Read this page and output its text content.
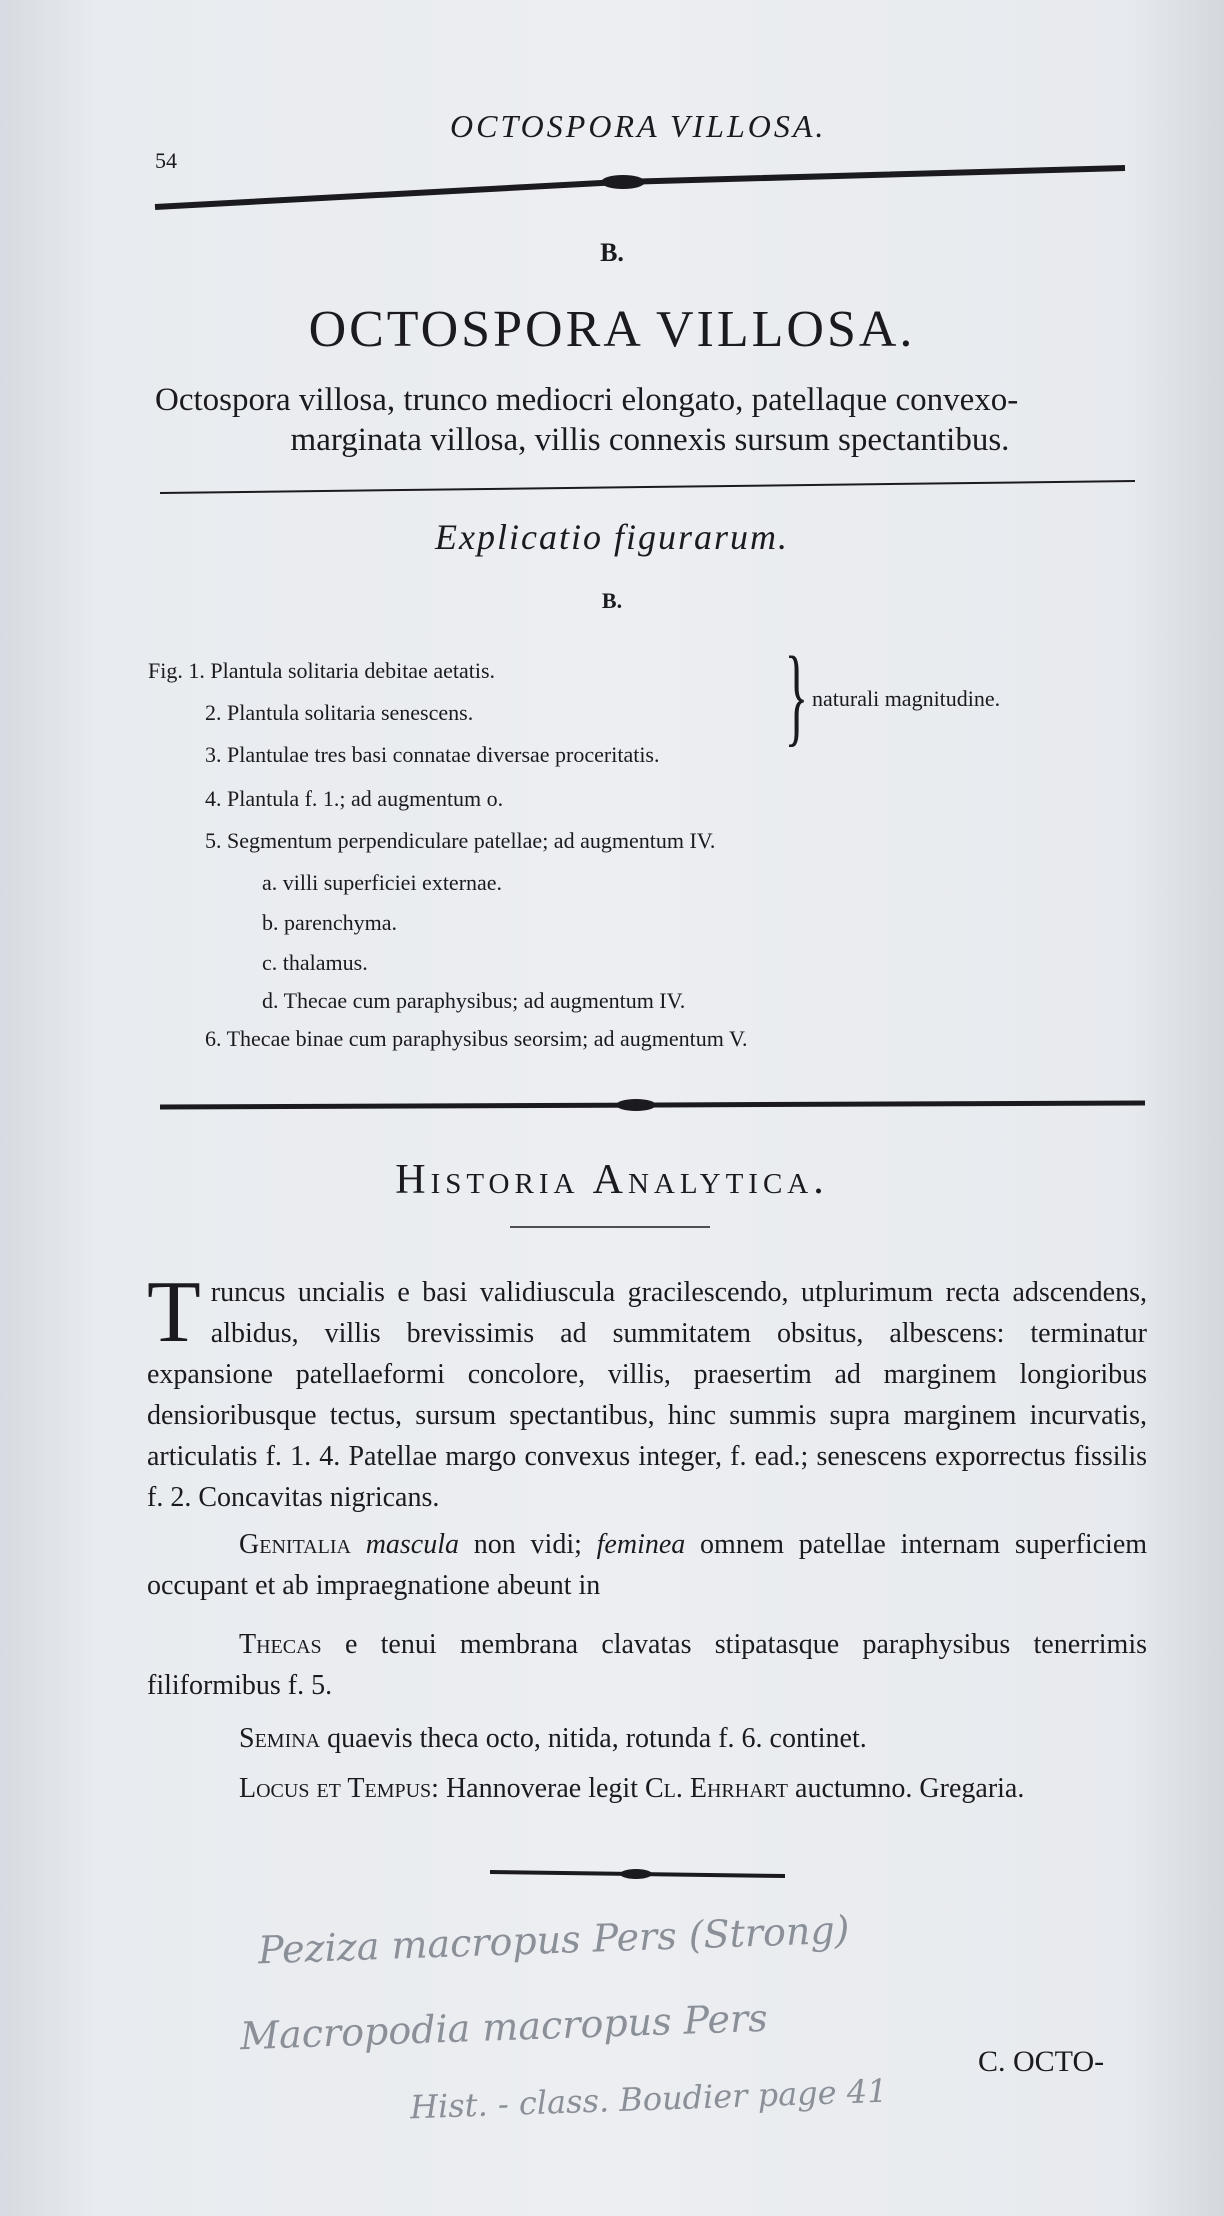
54
OCTOSPORA VILLOSA.
B.
OCTOSPORA VILLOSA.
Octospora villosa, trunco mediocri elongato, patellaque convexo-
marginata villosa, villis connexis sursum spectantibus.
Explicatio figurarum.
B.
Fig. 1. Plantula solitaria debitae aetatis.
2. Plantula solitaria senescens.
3. Plantulae tres basi connatae diversae proceritatis.
4. Plantula f. 1.; ad augmentum o.
5. Segmentum perpendiculare patellae; ad augmentum IV.
a. villi superficiei externae.
b. parenchyma.
c. thalamus.
d. Thecae cum paraphysibus; ad augmentum IV.
6. Thecae binae cum paraphysibus seorsim; ad augmentum V.
} naturali magnitudine.
Historia Analytica.
T runcus uncialis e basi validiuscula gracilescendo, utplurimum recta adscendens, albidus, villis brevissimis ad summitatem obsitus, albescens: terminatur expansione patellaeformi concolore, villis, praesertim ad marginem longioribus densioribusque tectus, sursum spectantibus, hinc summis supra marginem incurvatis, articulatis f. 1. 4. Patellae margo convexus integer, f. ead.; senescens exporrectus fissilis f. 2. Concavitas nigricans.
Genitalia mascula non vidi; feminea omnem patellae internam superficiem occupant et ab impraegnatione abeunt in
Thecas e tenui membrana clavatas stipatasque paraphysibus tenerrimis filiformibus f. 5.
Semina quaevis theca octo, nitida, rotunda f. 6. continet.
Locus et Tempus: Hannoverae legit Cl. Ehrhart auctumno. Gregaria.
Peziza macropus Pers (Strong)
Macropodia macropus Pers
Hist. - class. Boudier page 41
C. OCTO-
